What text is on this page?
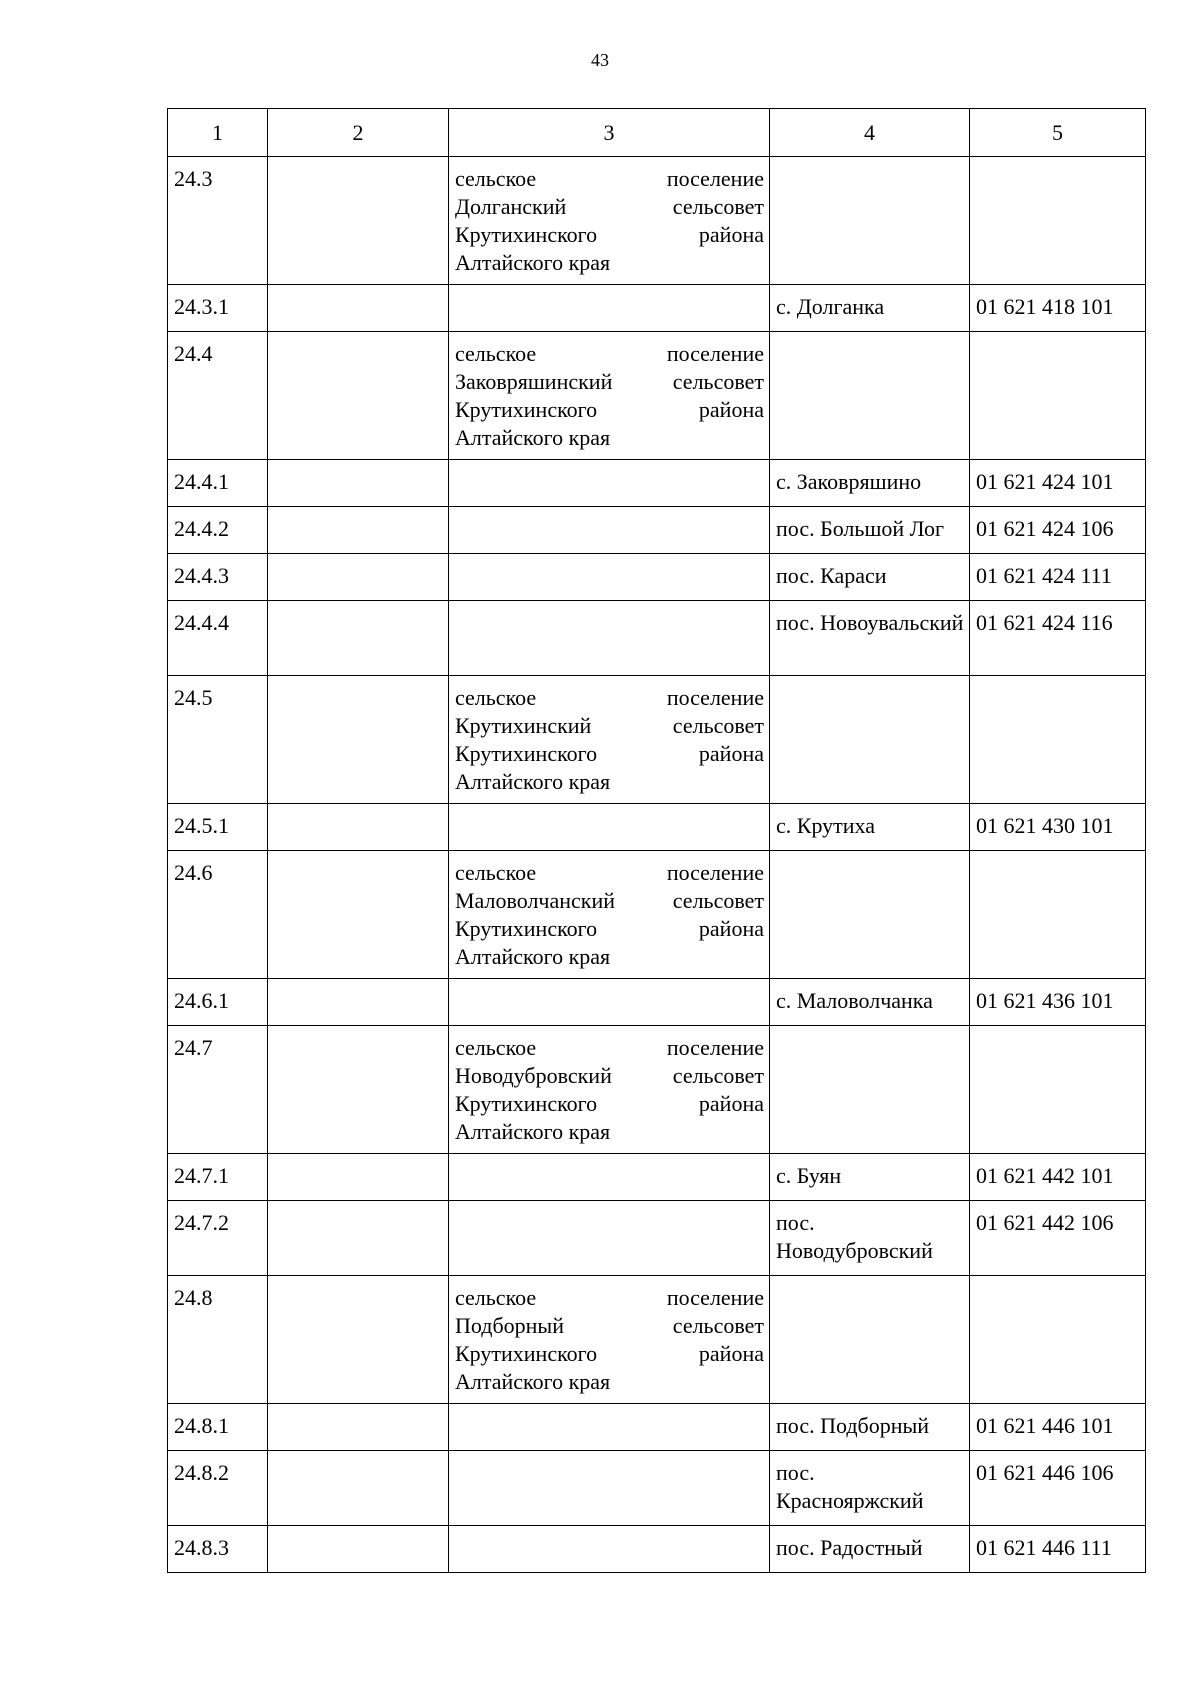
43
1	2	3	4	5
24.3		сельское поселение
Долганский сельсовет
Крутихинского района
Алтайского края		

24.3.1			с. Долганка	01 621 418 101
24.4		сельское поселение
Заковряшинский сельсовет
Крутихинского района
Алтайского края		

24.4.1			с. Заковряшино	01 621 424 101
24.4.2			пос. Большой Лог	01 621 424 106
24.4.3			пос. Караси	01 621 424 111
24.4.4			пос. Новоувальский	01 621 424 116
24.5		сельское поселение
Крутихинский сельсовет
Крутихинского района
Алтайского края		

24.5.1			с. Крутиха	01 621 430 101
24.6		сельское поселение
Маловолчанский сельсовет
Крутихинского района
Алтайского края		

24.6.1			с. Маловолчанка	01 621 436 101
24.7		сельское поселение
Новодубровский сельсовет
Крутихинского района
Алтайского края		

24.7.1			с. Буян	01 621 442 101
24.7.2			пос. Новодубровский	01 621 442 106
24.8		сельское поселение
Подборный сельсовет
Крутихинского района
Алтайского края		

24.8.1			пос. Подборный	01 621 446 101
24.8.2			пос. Краснояржский	01 621 446 106
24.8.3			пос. Радостный	01 621 446 111
